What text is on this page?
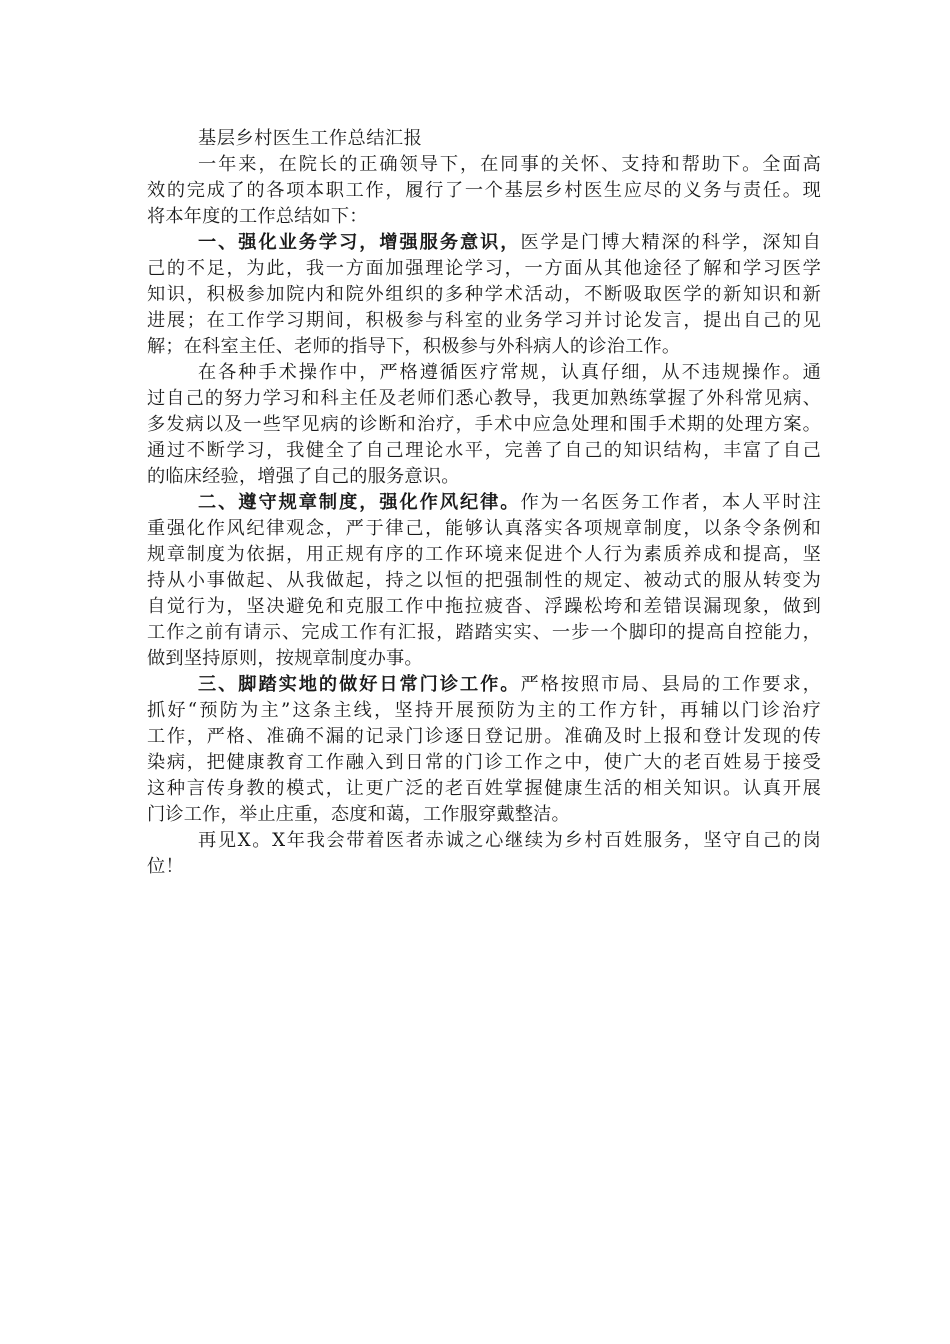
基层乡村医生工作总结汇报
一年来，在院长的正确领导下，在同事的关怀、支持和帮助下。全面高
效的完成了的各项本职工作，履行了一个基层乡村医生应尽的义务与责任。现
将本年度的工作总结如下：
一、强化业务学习，增强服务意识，医学是门博大精深的科学，深知自
己的不足，为此，我一方面加强理论学习，一方面从其他途径了解和学习医学
知识，积极参加院内和院外组织的多种学术活动，不断吸取医学的新知识和新
进展；在工作学习期间，积极参与科室的业务学习并讨论发言，提出自己的见
解；在科室主任、老师的指导下，积极参与外科病人的诊治工作。
在各种手术操作中，严格遵循医疗常规，认真仔细，从不违规操作。通
过自己的努力学习和科主任及老师们悉心教导，我更加熟练掌握了外科常见病、
多发病以及一些罕见病的诊断和治疗，手术中应急处理和围手术期的处理方案。
通过不断学习，我健全了自己理论水平，完善了自己的知识结构，丰富了自己
的临床经验，增强了自己的服务意识。
二、遵守规章制度，强化作风纪律。作为一名医务工作者，本人平时注
重强化作风纪律观念，严于律己，能够认真落实各项规章制度，以条令条例和
规章制度为依据，用正规有序的工作环境来促进个人行为素质养成和提高，坚
持从小事做起、从我做起，持之以恒的把强制性的规定、被动式的服从转变为
自觉行为，坚决避免和克服工作中拖拉疲沓、浮躁松垮和差错误漏现象，做到
工作之前有请示、完成工作有汇报，踏踏实实、一步一个脚印的提高自控能力，
做到坚持原则，按规章制度办事。
三、脚踏实地的做好日常门诊工作。严格按照市局、县局的工作要求，
抓好“预防为主”这条主线，坚持开展预防为主的工作方针，再辅以门诊治疗
工作，严格、准确不漏的记录门诊逐日登记册。准确及时上报和登计发现的传
染病，把健康教育工作融入到日常的门诊工作之中，使广大的老百姓易于接受
这种言传身教的模式，让更广泛的老百姓掌握健康生活的相关知识。认真开展
门诊工作，举止庄重，态度和蔼，工作服穿戴整洁。
再见X。X年我会带着医者赤诚之心继续为乡村百姓服务，坚守自己的岗
位！
